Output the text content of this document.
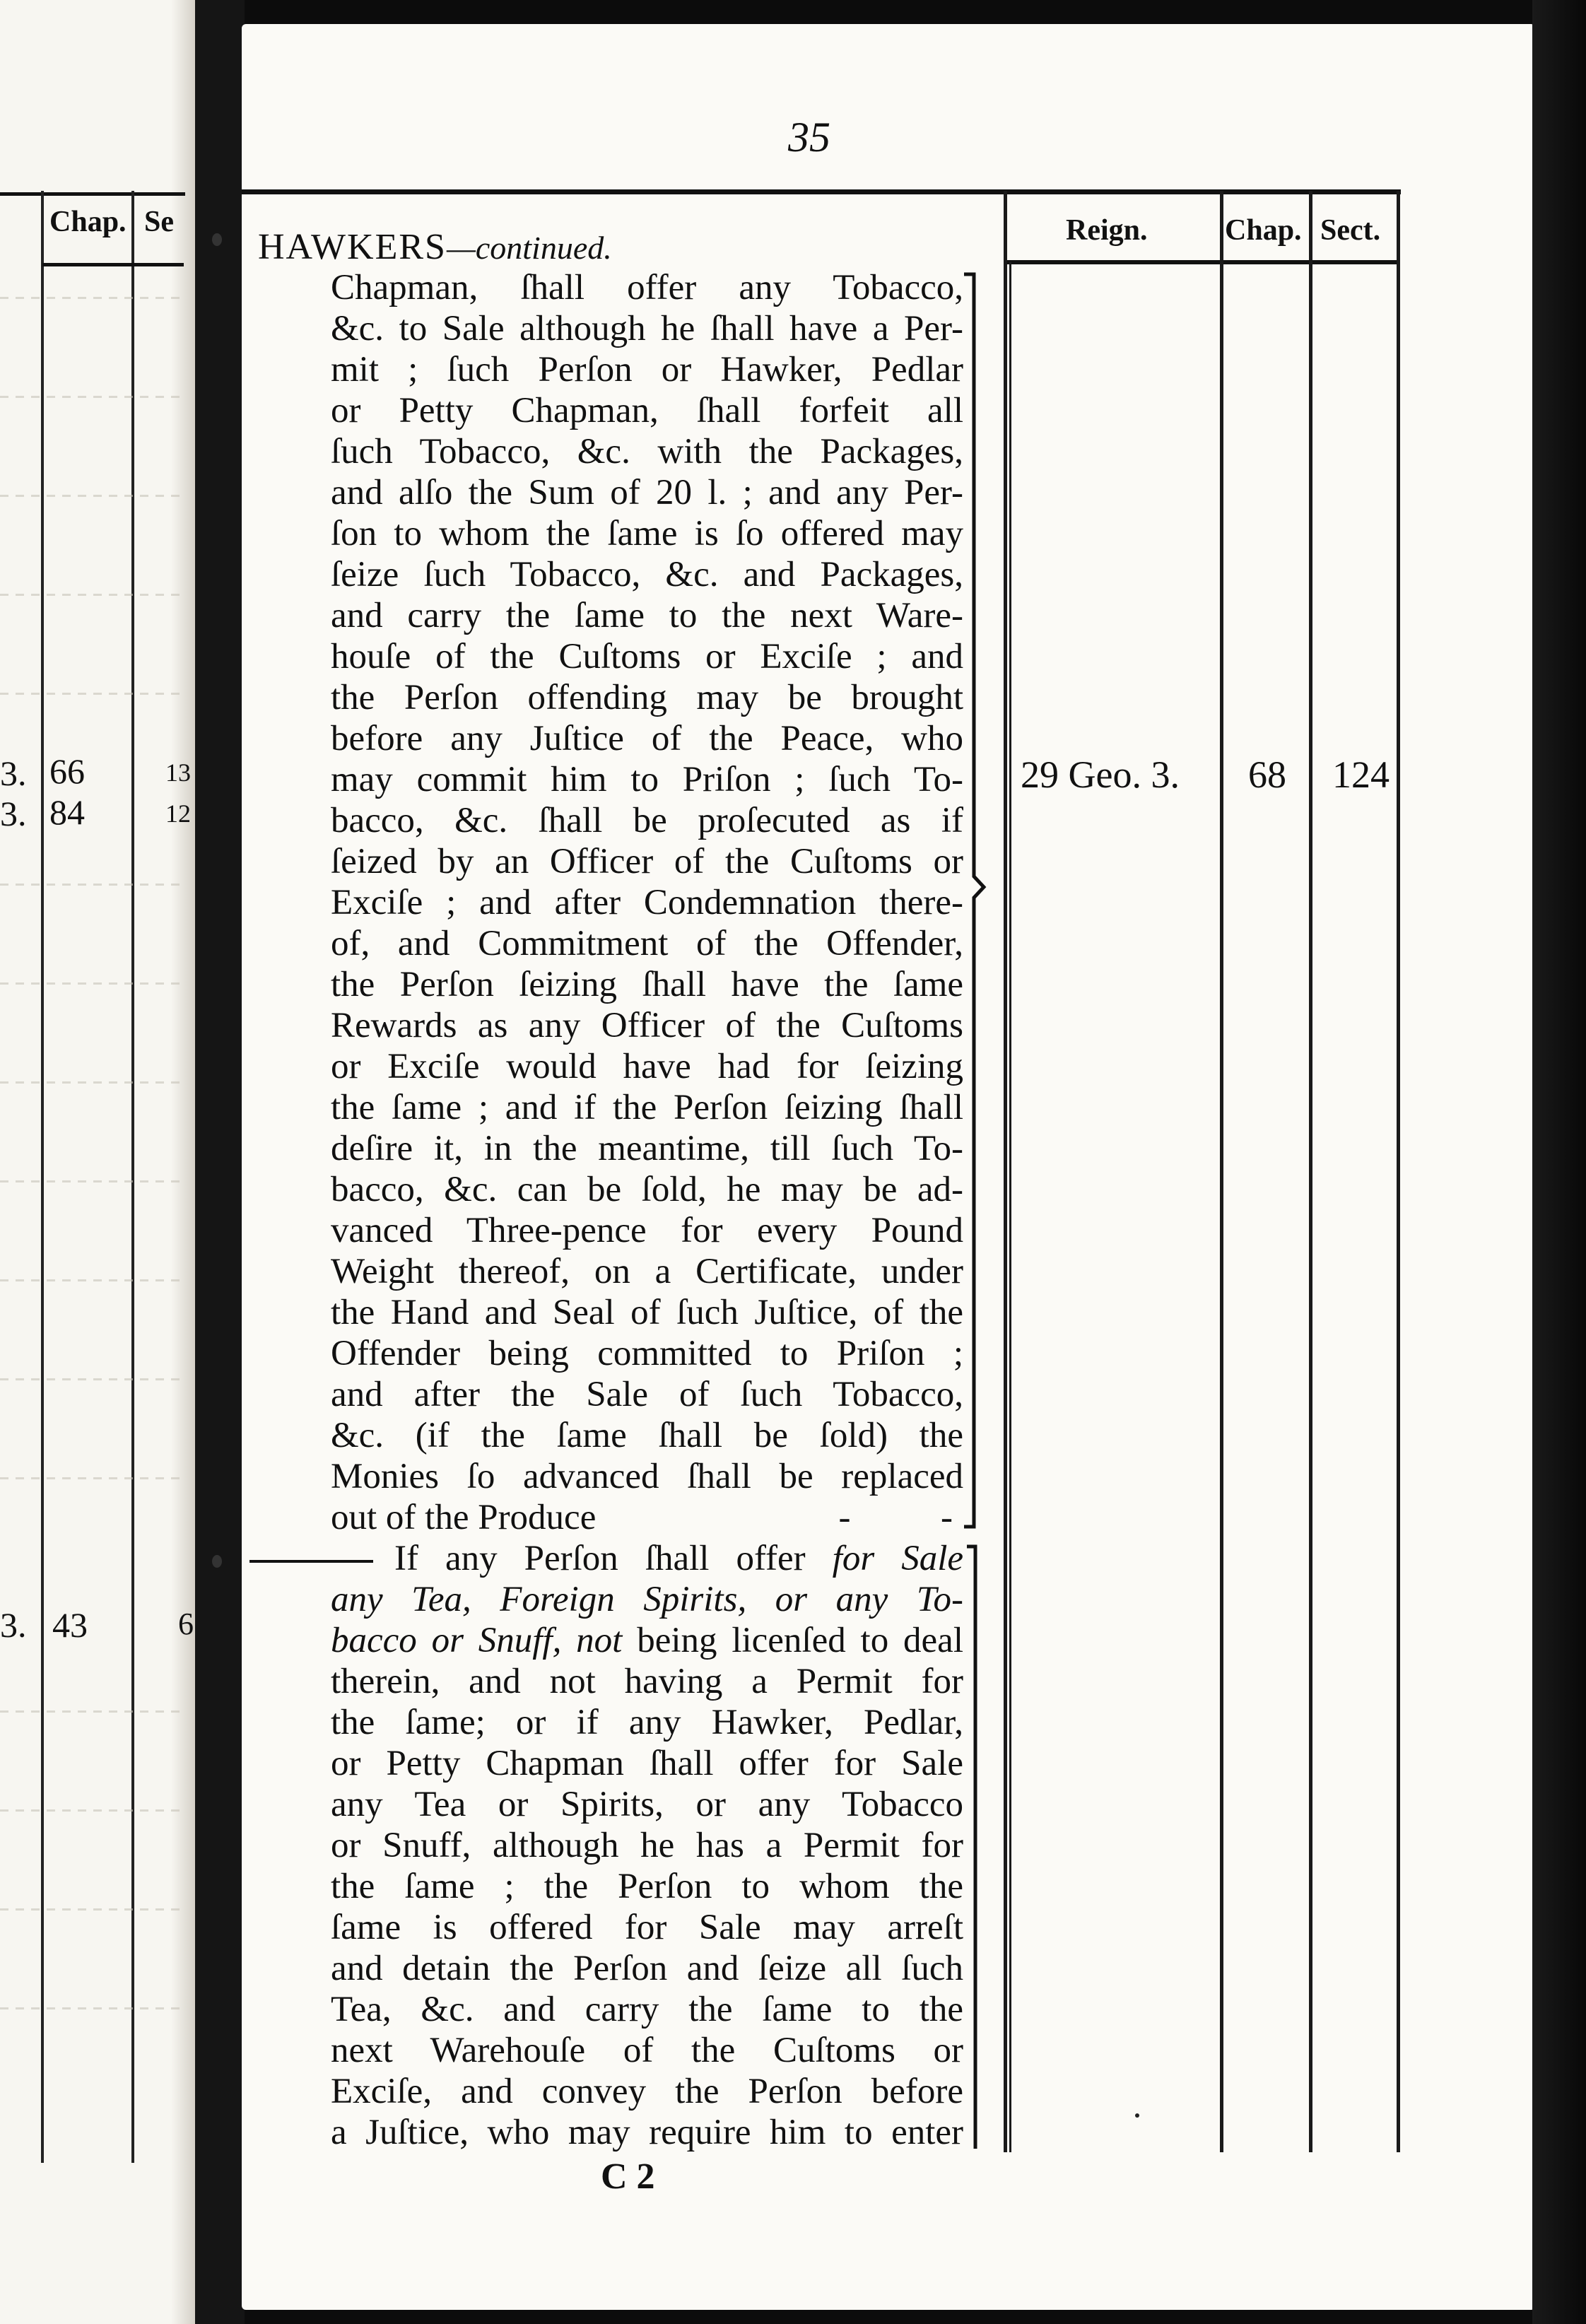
Chap. Se
3. 66	13
3. 84	12
3. 43	6
35
Reign.	Chap. Sect.
HAWKERS—continued.
Chapman, ſhall offer any Tobacco,
&c. to Sale although he ſhall have a Per-
mit ; ſuch Perſon or Hawker, Pedlar
or Petty Chapman, ſhall forfeit all
ſuch Tobacco, &c. with the Packages,
and alſo the Sum of 20 l. ; and any Per-
ſon to whom the ſame is ſo offered may
ſeize ſuch Tobacco, &c. and Packages,
and carry the ſame to the next Ware-
houſe of the Cuſtoms or Exciſe ; and
the Perſon offending may be brought
before any Juſtice of the Peace, who
may commit him to Priſon ; ſuch To-
bacco, &c. ſhall be proſecuted as if
ſeized by an Officer of the Cuſtoms or
Exciſe ; and after Condemnation there-
of, and Commitment of the Offender,
the Perſon ſeizing ſhall have the ſame
Rewards as any Officer of the Cuſtoms
or Exciſe would have had for ſeizing
the ſame ; and if the Perſon ſeizing ſhall
deſire it, in the meantime, till ſuch To-
bacco, &c. can be ſold, he may be ad-
vanced Three-pence for every Pound
Weight thereof, on a Certificate, under
the Hand and Seal of ſuch Juſtice, of the
Offender being committed to Priſon ;
and after the Sale of ſuch Tobacco,
&c. (if the ſame ſhall be ſold) the
Monies ſo advanced ſhall be replaced
out of the Produce	-          -
29 Geo. 3. 68 124
If any Perſon ſhall offer for Sale
any Tea, Foreign Spirits, or any To-
bacco or Snuff, not being licenſed to deal
therein, and not having a Permit for
the ſame; or if any Hawker, Pedlar,
or Petty Chapman ſhall offer for Sale
any Tea or Spirits, or any Tobacco
or Snuff, although he has a Permit for
the ſame ; the Perſon to whom the
ſame is offered for Sale may arreſt
and detain the Perſon and ſeize all ſuch
Tea, &c. and carry the ſame to the
next Warehouſe of the Cuſtoms or
Exciſe, and convey the Perſon before
a Juſtice, who may require him to enter
C 2
